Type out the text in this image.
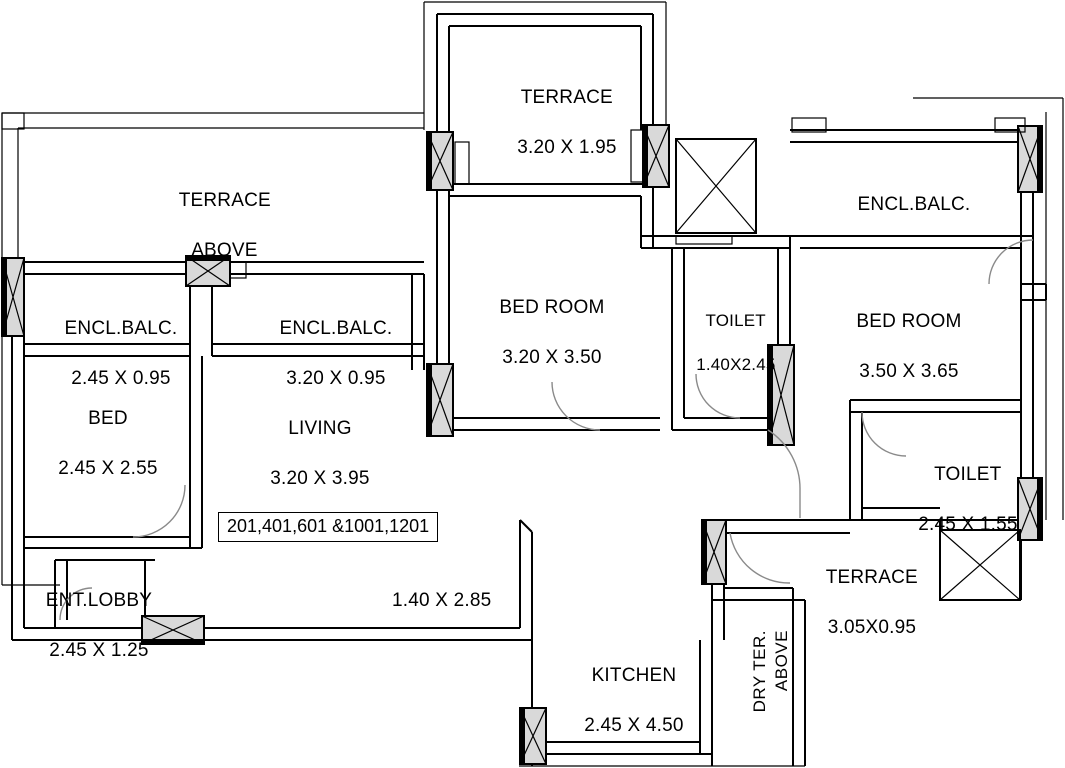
TERRACE

3.20 X 1.95

TERRACE

ABOVE

ENCL.BALC.

2.45 X 0.95

ENCL.BALC.

3.20 X 0.95

ENCL.BALC.

BED

2.45 X 2.55

LIVING

3.20 X 3.95

BED ROOM

3.20 X 3.50

TOILET

1.40X2.45

BED ROOM

3.50 X 3.65

TOILET

2.45 X 1.55

TERRACE

3.05X0.95

ENT.LOBBY

2.45 X 1.25

KITCHEN

2.45 X 4.50

1.40 X 2.85

DRY TER.
ABOVE

201,401,601 &1001,1201
